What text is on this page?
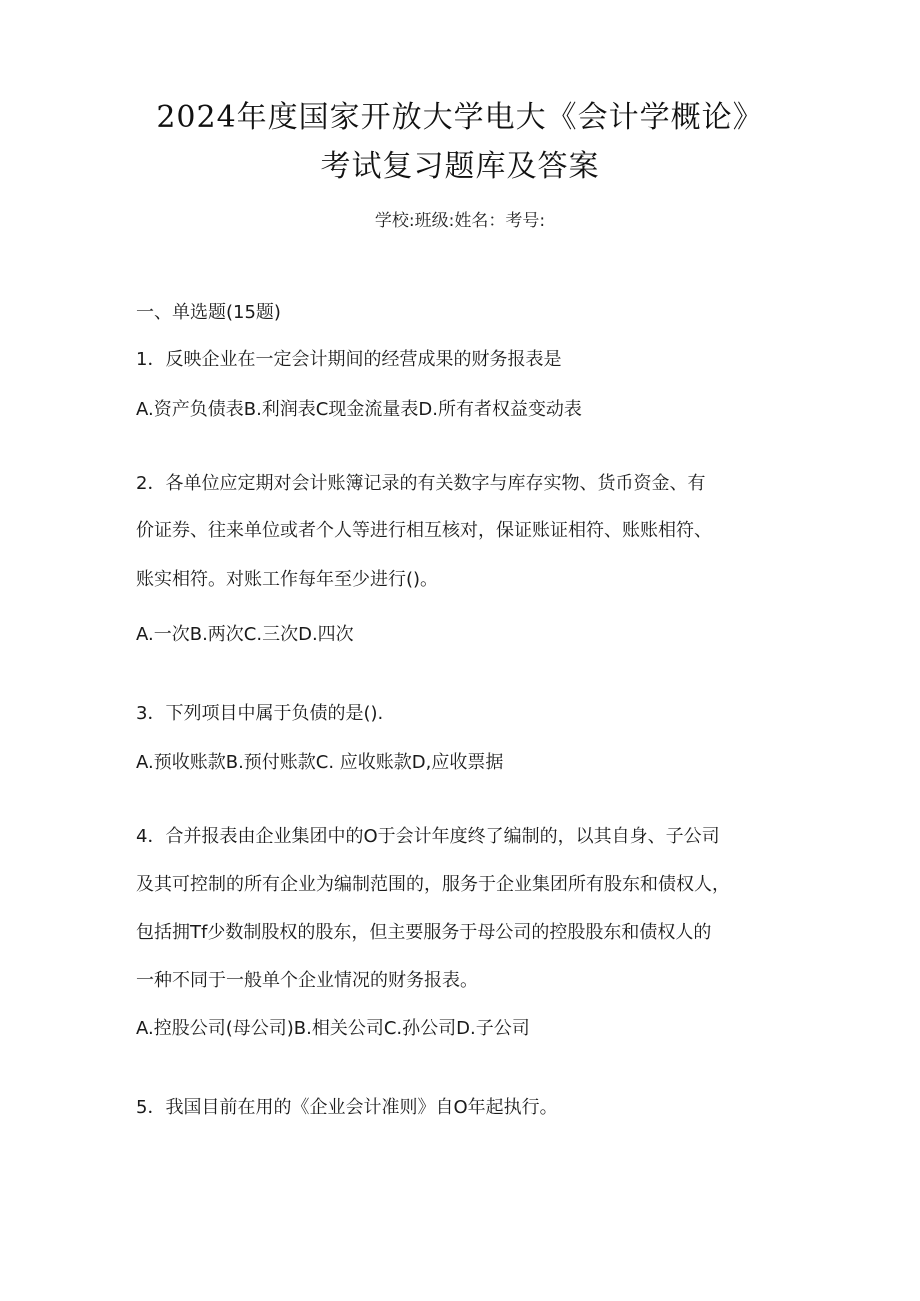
2024年度国家开放大学电大《会计学概论》
考试复习题库及答案
学校:班级:姓名：考号:
一、单选题(15题)
1．反映企业在一定会计期间的经营成果的财务报表是
A.资产负债表B.利润表C现金流量表D.所有者权益变动表
2．各单位应定期对会计账簿记录的有关数字与库存实物、货币资金、有
价证券、往来单位或者个人等进行相互核对，保证账证相符、账账相符、
账实相符。对账工作每年至少进行()。
A.一次B.两次C.三次D.四次
3．下列项目中属于负债的是().
A.预收账款B.预付账款C. 应收账款D,应收票据
4．合并报表由企业集团中的O于会计年度终了编制的，以其自身、子公司
及其可控制的所有企业为编制范围的，服务于企业集团所有股东和债权人，
包括拥Tf少数制股权的股东，但主要服务于母公司的控股股东和债权人的
一种不同于一般单个企业情况的财务报表。
A.控股公司(母公司)B.相关公司C.孙公司D.子公司
5．我国目前在用的《企业会计准则》自O年起执行。
